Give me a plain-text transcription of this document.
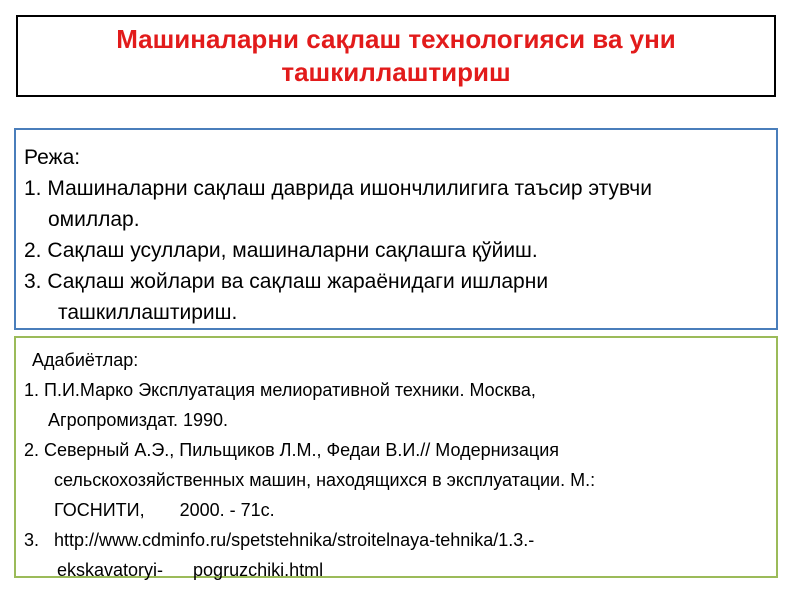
Машиналарни сақлаш технологияси ва уни
ташкиллаштириш
Режа:
1. Машиналарни сақлаш даврида ишончлилигига таъсир этувчи
омиллар.
2. Сақлаш усуллари, машиналарни сақлашга қўйиш.
3. Сақлаш жойлари ва сақлаш жараёнидаги ишларни
ташкиллаштириш.
Адабиётлар:
1. П.И.Марко Эксплуатация мелиоративной техники. Москва,
Агропромиздат. 1990.
2. Северный А.Э., Пильщиков Л.М., Федаи В.И.// Модернизация
сельскохозяйственных машин, находящихся в эксплуатации. М.:
ГОСНИТИ,       2000. - 71с.
3.   http://www.cdminfo.ru/spetstehnika/stroitelnaya-tehnika/1.3.-
ekskavatoryi-      pogruzchiki.html
